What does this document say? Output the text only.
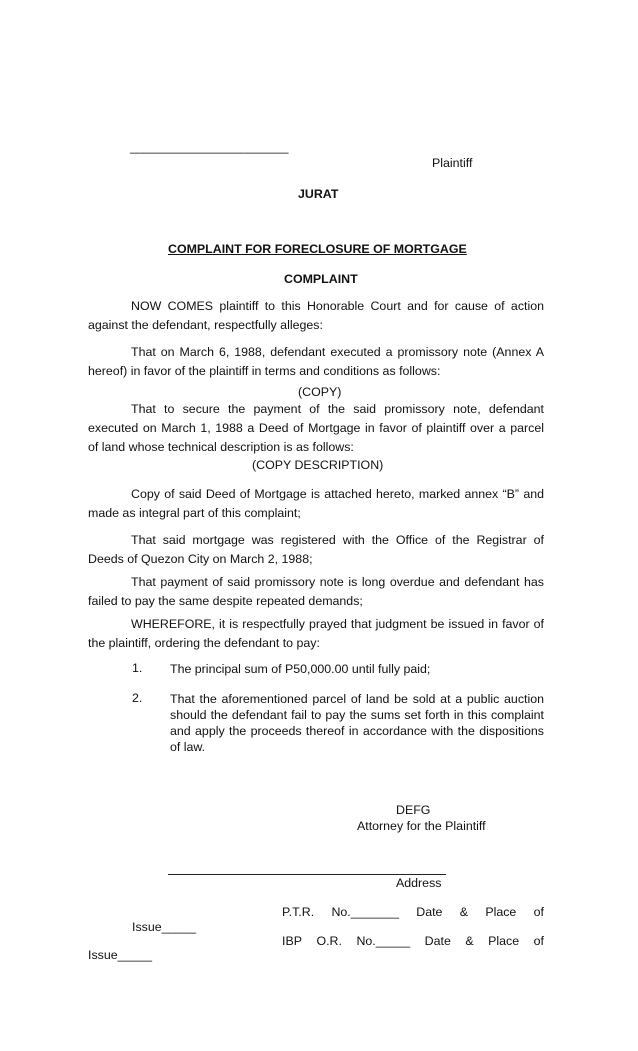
_______________________
Plaintiff
JURAT
COMPLAINT FOR FORECLOSURE OF MORTGAGE
COMPLAINT
NOW COMES plaintiff to this Honorable Court and for cause of action
against the defendant, respectfully alleges:
That on March 6, 1988, defendant executed a promissory note (Annex A
hereof) in favor of the plaintiff in terms and conditions as follows:
(COPY)
That to secure the payment of the said promissory note, defendant
executed on March 1, 1988 a Deed of Mortgage in favor of plaintiff over a parcel
of land whose technical description is as follows:
(COPY DESCRIPTION)
Copy of said Deed of Mortgage is attached hereto, marked annex “B” and
made as integral part of this complaint;
That said mortgage was registered with the Office of the Registrar of
Deeds of Quezon City on March 2, 1988;
That payment of said promissory note is long overdue and defendant has
failed to pay the same despite repeated demands;
WHEREFORE, it is respectfully prayed that judgment be issued in favor of
the plaintiff, ordering the defendant to pay:
1. The principal sum of P50,000.00 until fully paid;
2. That the aforementioned parcel of land be sold at a public auction
should the defendant fail to pay the sums set forth in this complaint
and apply the proceeds thereof in accordance with the dispositions
of law.
DEFG
Attorney for the Plaintiff
Address
P.T.R. No._______ Date & Place of
Issue_____
IBP O.R. No._____ Date & Place of
Issue_____
